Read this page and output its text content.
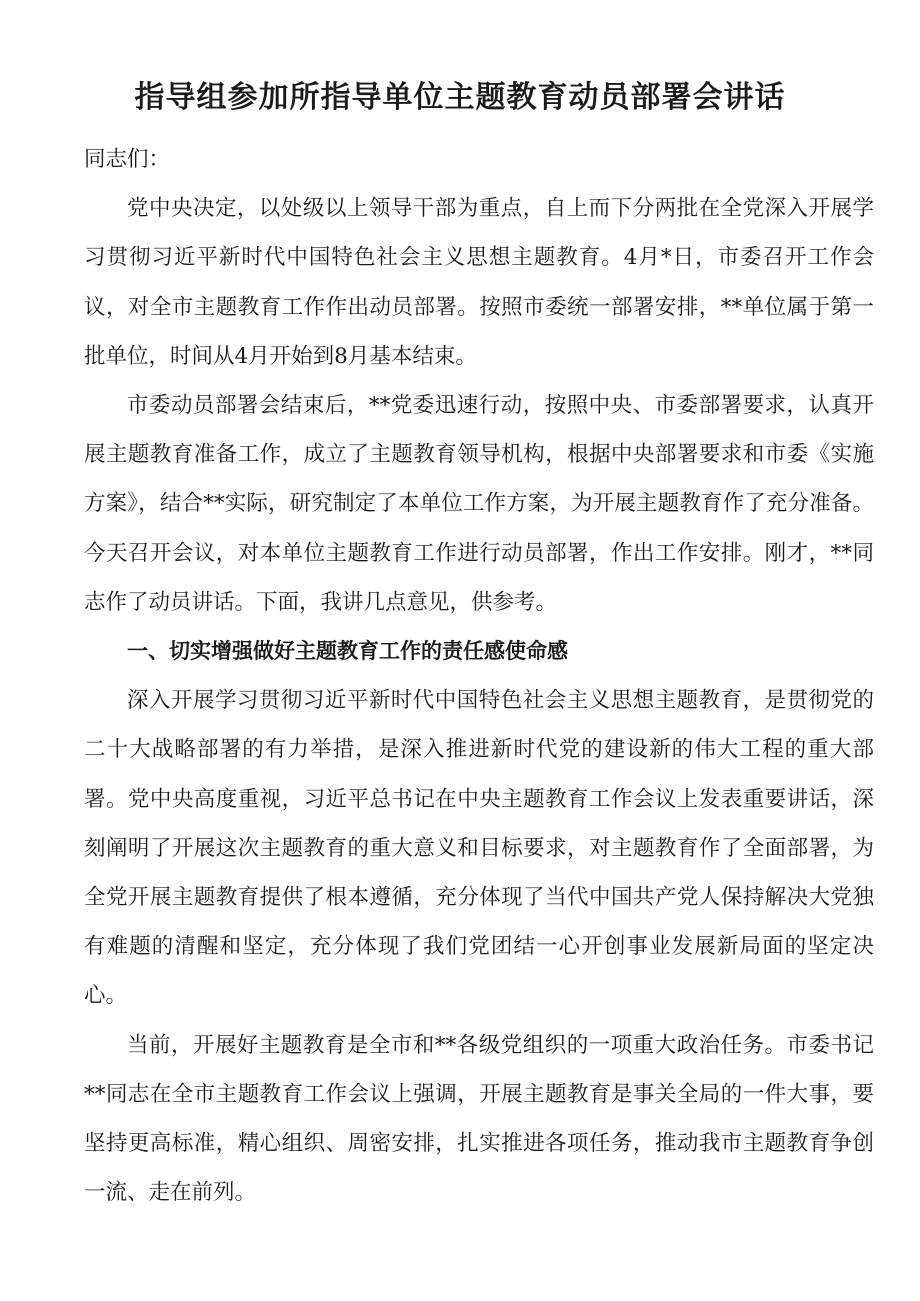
指导组参加所指导单位主题教育动员部署会讲话

同志们：

党中央决定，以处级以上领导干部为重点，自上而下分两批在全党深入开展学习贯彻习近平新时代中国特色社会主义思想主题教育。4月*日，市委召开工作会议，对全市主题教育工作作出动员部署。按照市委统一部署安排，**单位属于第一批单位，时间从4月开始到8月基本结束。

市委动员部署会结束后，**党委迅速行动，按照中央、市委部署要求，认真开展主题教育准备工作，成立了主题教育领导机构，根据中央部署要求和市委《实施方案》，结合**实际，研究制定了本单位工作方案，为开展主题教育作了充分准备。今天召开会议，对本单位主题教育工作进行动员部署，作出工作安排。刚才，**同志作了动员讲话。下面，我讲几点意见，供参考。

一、切实增强做好主题教育工作的责任感使命感

深入开展学习贯彻习近平新时代中国特色社会主义思想主题教育，是贯彻党的二十大战略部署的有力举措，是深入推进新时代党的建设新的伟大工程的重大部署。党中央高度重视，习近平总书记在中央主题教育工作会议上发表重要讲话，深刻阐明了开展这次主题教育的重大意义和目标要求，对主题教育作了全面部署，为全党开展主题教育提供了根本遵循，充分体现了当代中国共产党人保持解决大党独有难题的清醒和坚定，充分体现了我们党团结一心开创事业发展新局面的坚定决心。

当前，开展好主题教育是全市和**各级党组织的一项重大政治任务。市委书记**同志在全市主题教育工作会议上强调，开展主题教育是事关全局的一件大事，要坚持更高标准，精心组织、周密安排，扎实推进各项任务，推动我市主题教育争创一流、走在前列。
